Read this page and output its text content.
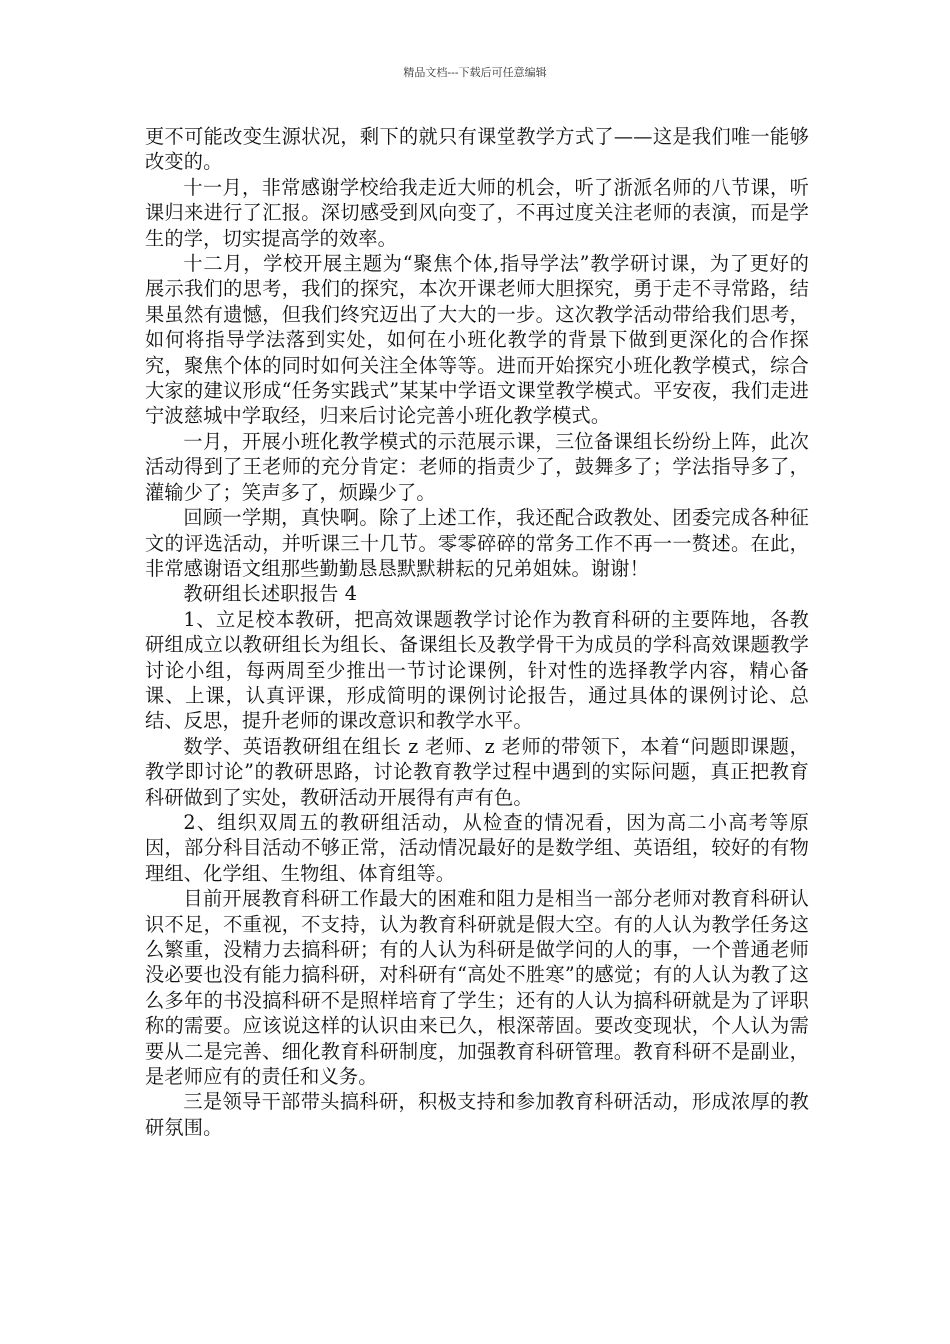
精品文档---下载后可任意编辑

更不可能改变生源状况，剩下的就只有课堂教学方式了——这是我们唯一能够改变的。

十一月，非常感谢学校给我走近大师的机会，听了浙派名师的八节课，听课归来进行了汇报。深切感受到风向变了，不再过度关注老师的表演，而是学生的学，切实提高学的效率。

十二月，学校开展主题为“聚焦个体,指导学法”教学研讨课，为了更好的展示我们的思考，我们的探究，本次开课老师大胆探究，勇于走不寻常路，结果虽然有遗憾，但我们终究迈出了大大的一步。这次教学活动带给我们思考，如何将指导学法落到实处，如何在小班化教学的背景下做到更深化的合作探究，聚焦个体的同时如何关注全体等等。进而开始探究小班化教学模式，综合大家的建议形成“任务实践式”某某中学语文课堂教学模式。平安夜，我们走进宁波慈城中学取经，归来后讨论完善小班化教学模式。

一月，开展小班化教学模式的示范展示课，三位备课组长纷纷上阵，此次活动得到了王老师的充分肯定：老师的指责少了，鼓舞多了；学法指导多了，灌输少了；笑声多了，烦躁少了。

回顾一学期，真快啊。除了上述工作，我还配合政教处、团委完成各种征文的评选活动，并听课三十几节。零零碎碎的常务工作不再一一赘述。在此，非常感谢语文组那些勤勤恳恳默默耕耘的兄弟姐妹。谢谢！

教研组长述职报告 4

1、立足校本教研，把高效课题教学讨论作为教育科研的主要阵地，各教研组成立以教研组长为组长、备课组长及教学骨干为成员的学科高效课题教学讨论小组，每两周至少推出一节讨论课例，针对性的选择教学内容，精心备课、上课，认真评课，形成简明的课例讨论报告，通过具体的课例讨论、总结、反思，提升老师的课改意识和教学水平。

数学、英语教研组在组长 z 老师、z 老师的带领下，本着“问题即课题，教学即讨论”的教研思路，讨论教育教学过程中遇到的实际问题，真正把教育科研做到了实处，教研活动开展得有声有色。

2、组织双周五的教研组活动，从检查的情况看，因为高二小高考等原因，部分科目活动不够正常，活动情况最好的是数学组、英语组，较好的有物理组、化学组、生物组、体育组等。

目前开展教育科研工作最大的困难和阻力是相当一部分老师对教育科研认识不足，不重视，不支持，认为教育科研就是假大空。有的人认为教学任务这么繁重，没精力去搞科研；有的人认为科研是做学问的人的事，一个普通老师没必要也没有能力搞科研，对科研有“高处不胜寒”的感觉；有的人认为教了这么多年的书没搞科研不是照样培育了学生；还有的人认为搞科研就是为了评职称的需要。应该说这样的认识由来已久，根深蒂固。要改变现状，个人认为需要从二是完善、细化教育科研制度，加强教育科研管理。教育科研不是副业，是老师应有的责任和义务。

三是领导干部带头搞科研，积极支持和参加教育科研活动，形成浓厚的教研氛围。
